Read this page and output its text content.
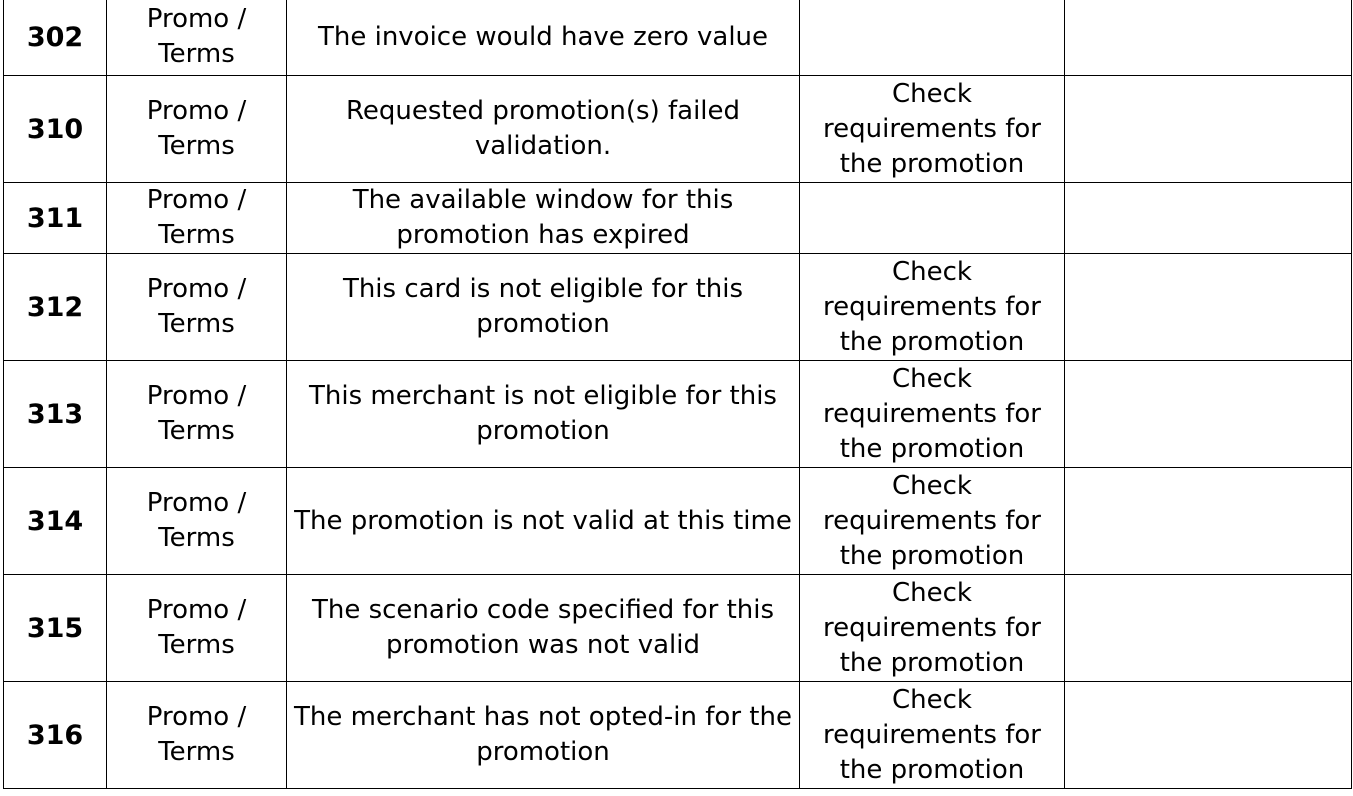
302	Promo / Terms	The invoice would have zero value		
310	Promo / Terms	Requested promotion(s) failed validation.	Check requirements for the promotion	
311	Promo / Terms	The available window for this promotion has expired		
312	Promo / Terms	This card is not eligible for this promotion	Check requirements for the promotion	
313	Promo / Terms	This merchant is not eligible for this promotion	Check requirements for the promotion	
314	Promo / Terms	The promotion is not valid at this time	Check requirements for the promotion	
315	Promo / Terms	The scenario code specified for this promotion was not valid	Check requirements for the promotion	
316	Promo / Terms	The merchant has not opted-in for the promotion	Check requirements for the promotion	
